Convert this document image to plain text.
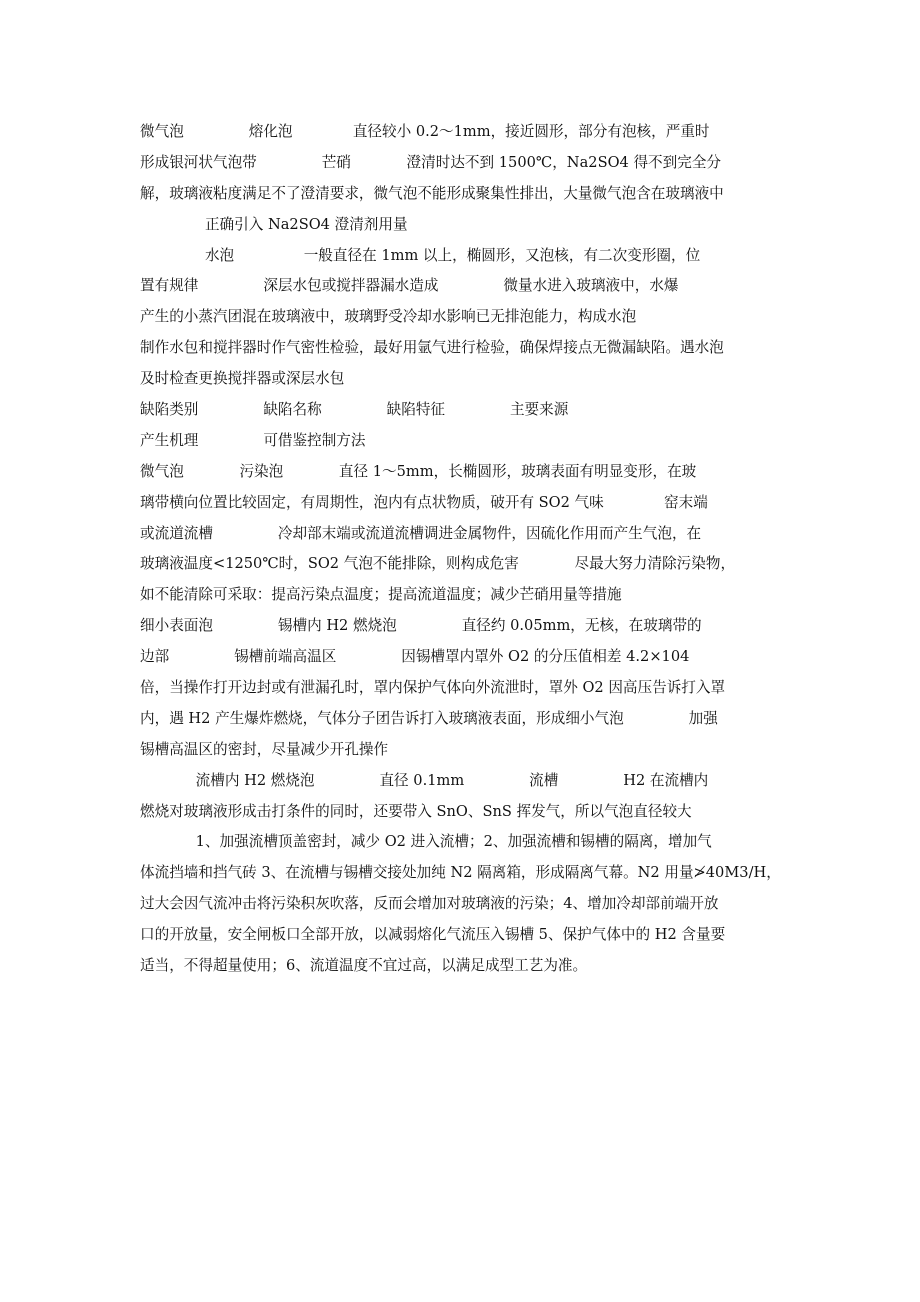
微气泡              熔化泡             直径较小 0.2～1mm，接近圆形，部分有泡核，严重时
形成银河状气泡带              芒硝            澄清时达不到 1500℃，Na2SO4 得不到完全分
解，玻璃液粘度满足不了澄清要求，微气泡不能形成聚集性排出，大量微气泡含在玻璃液中
正确引入 Na2SO4 澄清剂用量
水泡               一般直径在 1mm 以上，椭圆形，又泡核，有二次变形圈，位
置有规律              深层水包或搅拌器漏水造成              微量水进入玻璃液中，水爆
产生的小蒸汽团混在玻璃液中，玻璃野受冷却水影响已无排泡能力，构成水泡
制作水包和搅拌器时作气密性检验，最好用氩气进行检验，确保焊接点无微漏缺陷。遇水泡
及时检查更换搅拌器或深层水包
缺陷类别              缺陷名称              缺陷特征              主要来源
产生机理              可借鉴控制方法
微气泡            污染泡            直径 1～5mm，长椭圆形，玻璃表面有明显变形，在玻
璃带横向位置比较固定，有周期性，泡内有点状物质，破开有 SO2 气味             窑末端
或流道流槽              冷却部末端或流道流槽调进金属物件，因硫化作用而产生气泡，在
玻璃液温度<1250℃时，SO2 气泡不能排除，则构成危害            尽最大努力清除污染物，
如不能清除可采取：提高污染点温度；提高流道温度；减少芒硝用量等措施
细小表面泡              锡槽内 H2 燃烧泡              直径约 0.05mm，无核，在玻璃带的
边部              锡槽前端高温区              因锡槽罩内罩外 O2 的分压值相差 4.2×104
倍，当操作打开边封或有泄漏孔时，罩内保护气体向外流泄时，罩外 O2 因高压告诉打入罩
内，遇 H2 产生爆炸燃烧，气体分子团告诉打入玻璃液表面，形成细小气泡              加强
锡槽高温区的密封，尽量减少开孔操作
流槽内 H2 燃烧泡              直径 0.1mm              流槽              H2 在流槽内
燃烧对玻璃液形成击打条件的同时，还要带入 SnO、SnS 挥发气，所以气泡直径较大
1、加强流槽顶盖密封，减少 O2 进入流槽；2、加强流槽和锡槽的隔离，增加气
体流挡墙和挡气砖 3、在流槽与锡槽交接处加纯 N2 隔离箱，形成隔离气幕。N2 用量≯40M3/H，
过大会因气流冲击将污染积灰吹落，反而会增加对玻璃液的污染；4、增加冷却部前端开放
口的开放量，安全闸板口全部开放，以减弱熔化气流压入锡槽 5、保护气体中的 H2 含量要
适当，不得超量使用；6、流道温度不宜过高，以满足成型工艺为准。
